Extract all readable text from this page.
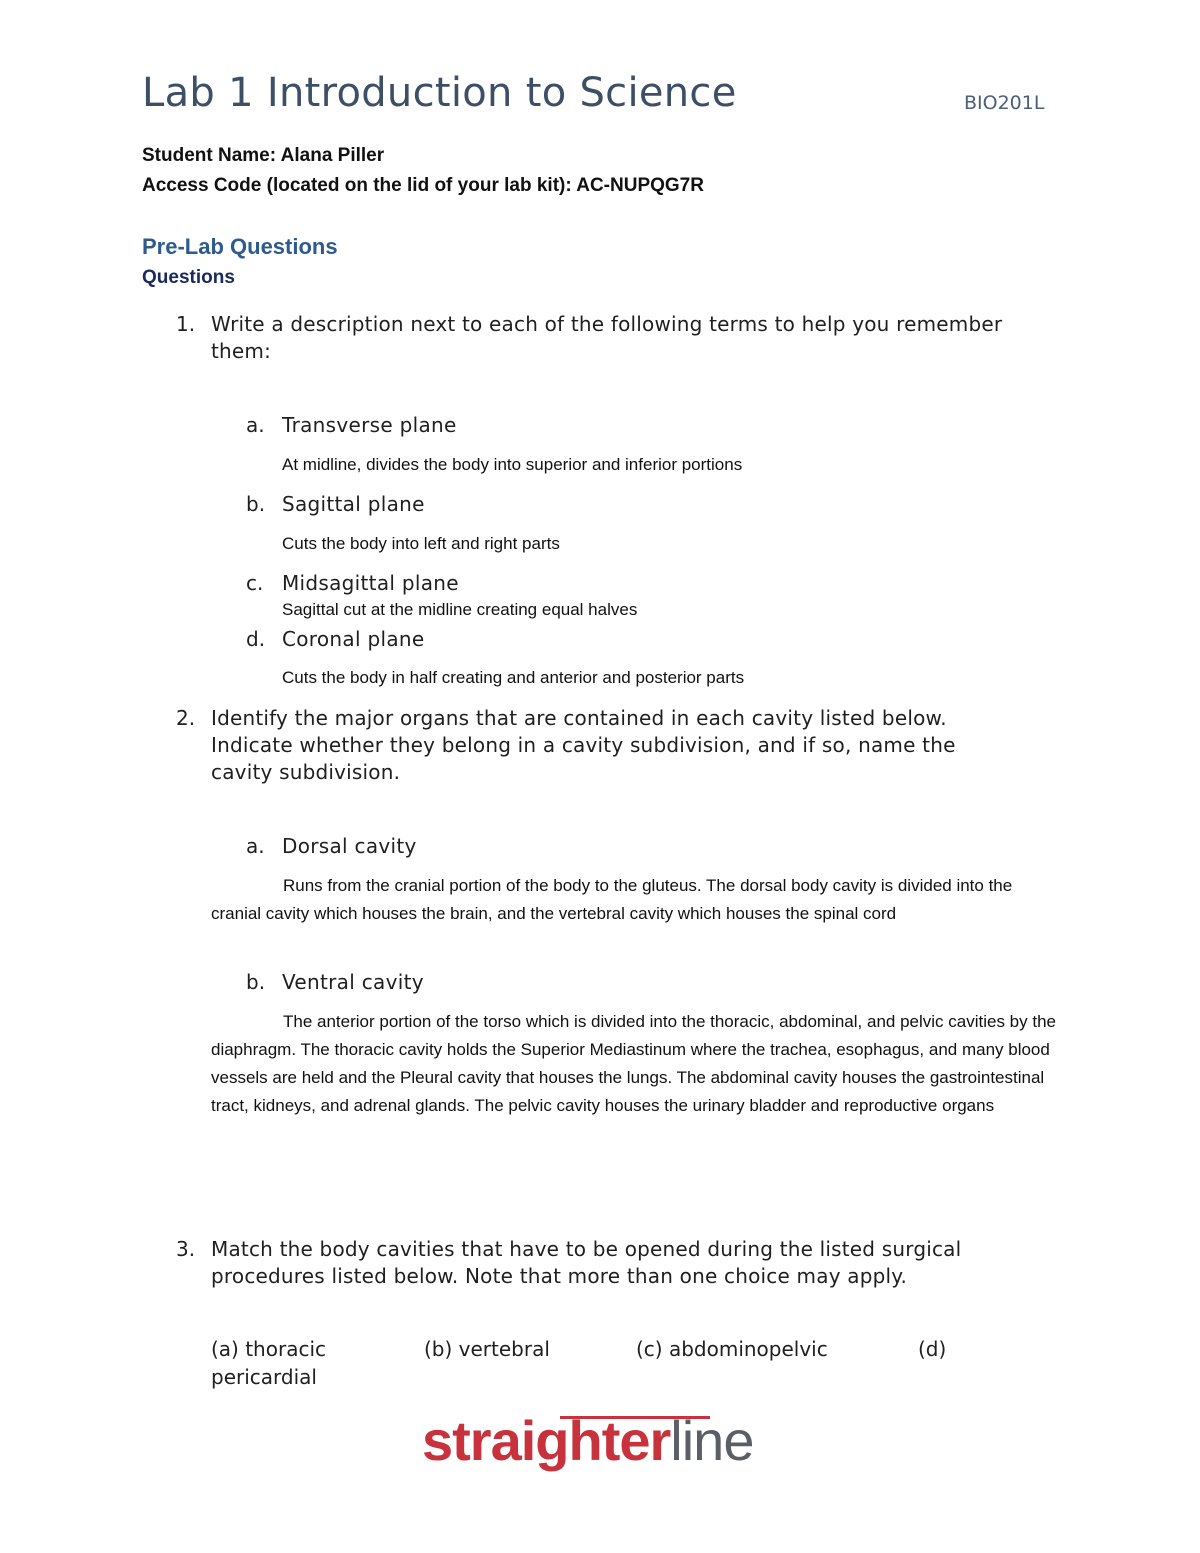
Lab 1 Introduction to Science	BIO201L
Student Name: Alana Piller
Access Code (located on the lid of your lab kit): AC-NUPQG7R
Pre-Lab Questions
Questions
1. Write a description next to each of the following terms to help you remember
them:
a. Transverse plane
At midline, divides the body into superior and inferior portions
b. Sagittal plane
Cuts the body into left and right parts
c. Midsagittal plane
Sagittal cut at the midline creating equal halves
d. Coronal plane
Cuts the body in half creating and anterior and posterior parts
2. Identify the major organs that are contained in each cavity listed below.
Indicate whether they belong in a cavity subdivision, and if so, name the
cavity subdivision.
a. Dorsal cavity
Runs from the cranial portion of the body to the gluteus. The dorsal body cavity is divided into the cranial cavity which houses the brain, and the vertebral cavity which houses the spinal cord
b. Ventral cavity
The anterior portion of the torso which is divided into the thoracic, abdominal, and pelvic cavities by the diaphragm. The thoracic cavity holds the Superior Mediastinum where the trachea, esophagus, and many blood vessels are held and the Pleural cavity that houses the lungs. The abdominal cavity houses the gastrointestinal tract, kidneys, and adrenal glands. The pelvic cavity houses the urinary bladder and reproductive organs
3. Match the body cavities that have to be opened during the listed surgical
procedures listed below. Note that more than one choice may apply.
(a) thoracic	(b) vertebral	(c) abdominopelvic	(d)
pericardial
straighterline
